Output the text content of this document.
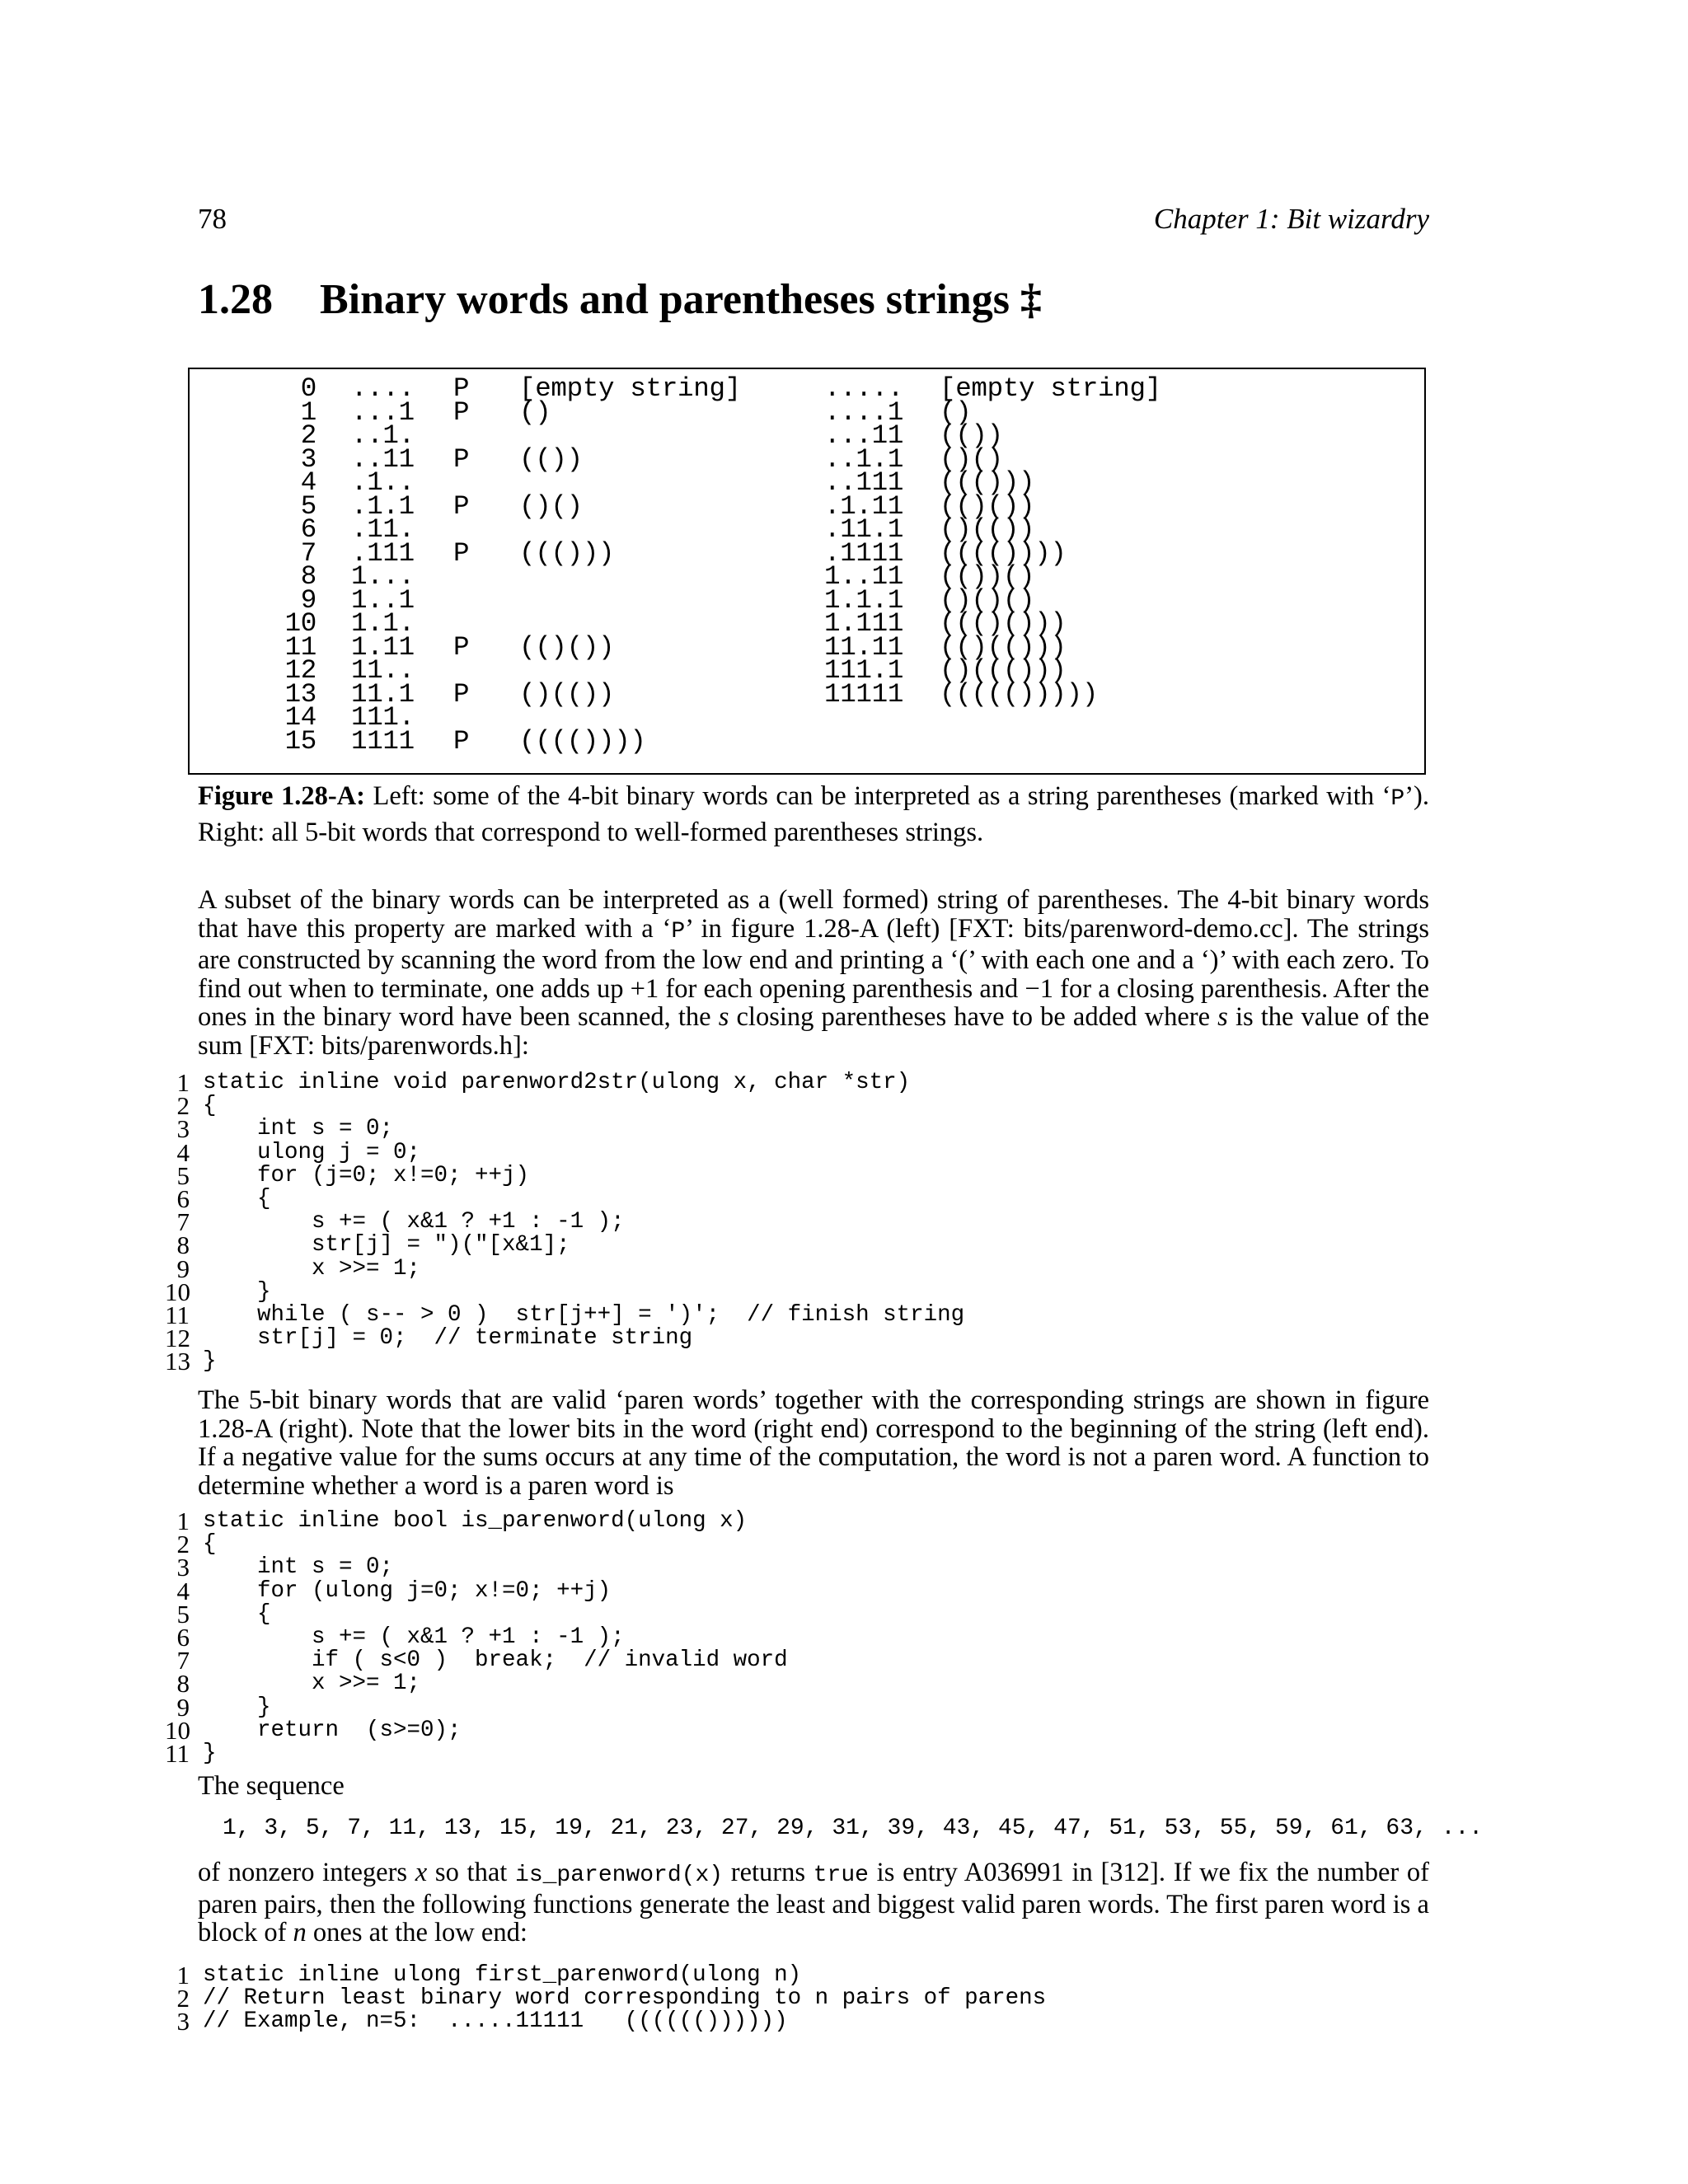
78	Chapter 1: Bit wizardry
1.28 Binary words and parentheses strings ‡
0 .... P [empty string]
1 ...1 P ()
2 ..1.
3 ..11 P (())
4 .1..
5 .1.1 P ()()
6 .11.
7 .111 P ((()))
8 1...
9 1..1
10 1.1.
11 1.11 P (()())
12 11..
13 11.1 P ()(())
14 111.
15 1111 P (((())))
..... [empty string]
....1 ()
...11 (())
..1.1 ()()
..111 ((()))
.1.11 (()())
.11.1 ()(())
.1111 (((())))
1..11 (())()
1.1.1 ()()()
1.111 ((()()))
11.11 (()(()))
111.1 ()((()))
11111 ((((()))))
Figure 1.28-A: Left: some of the 4-bit binary words can be interpreted as a string parentheses (marked with ‘P’). Right: all 5-bit words that correspond to well-formed parentheses strings.
A subset of the binary words can be interpreted as a (well formed) string of parentheses. The 4-bit binary words that have this property are marked with a ‘P’ in figure 1.28-A (left) [FXT: bits/parenword-demo.cc]. The strings are constructed by scanning the word from the low end and printing a ‘(’ with each one and a ‘)’ with each zero. To find out when to terminate, one adds up +1 for each opening parenthesis and −1 for a closing parenthesis. After the ones in the binary word have been scanned, the s closing parentheses have to be added where s is the value of the sum [FXT: bits/parenwords.h]:
1 static inline void parenword2str(ulong x, char *str)
2 {
3 int s = 0;
4 ulong j = 0;
5 for (j=0; x!=0; ++j)
6 {
7 s += ( x&1 ? +1 : -1 );
8 str[j] = ")("[x&1];
9 x >>= 1;
10 }
11 while ( s-- > 0 )  str[j++] = ')';  // finish string
12 str[j] = 0;  // terminate string
13 }
The 5-bit binary words that are valid ‘paren words’ together with the corresponding strings are shown in figure 1.28-A (right). Note that the lower bits in the word (right end) correspond to the beginning of the string (left end). If a negative value for the sums occurs at any time of the computation, the word is not a paren word. A function to determine whether a word is a paren word is
1 static inline bool is_parenword(ulong x)
2 {
3 int s = 0;
4 for (ulong j=0; x!=0; ++j)
5 {
6 s += ( x&1 ? +1 : -1 );
7 if ( s<0 )  break;  // invalid word
8 x >>= 1;
9 }
10 return  (s>=0);
11 }
The sequence
1, 3, 5, 7, 11, 13, 15, 19, 21, 23, 27, 29, 31, 39, 43, 45, 47, 51, 53, 55, 59, 61, 63, ...
of nonzero integers x so that is_parenword(x) returns true is entry A036991 in [312]. If we fix the number of paren pairs, then the following functions generate the least and biggest valid paren words. The first paren word is a block of n ones at the low end:
1 static inline ulong first_parenword(ulong n)
2 // Return least binary word corresponding to n pairs of parens
3 // Example, n=5:  .....11111   (((((())))))
